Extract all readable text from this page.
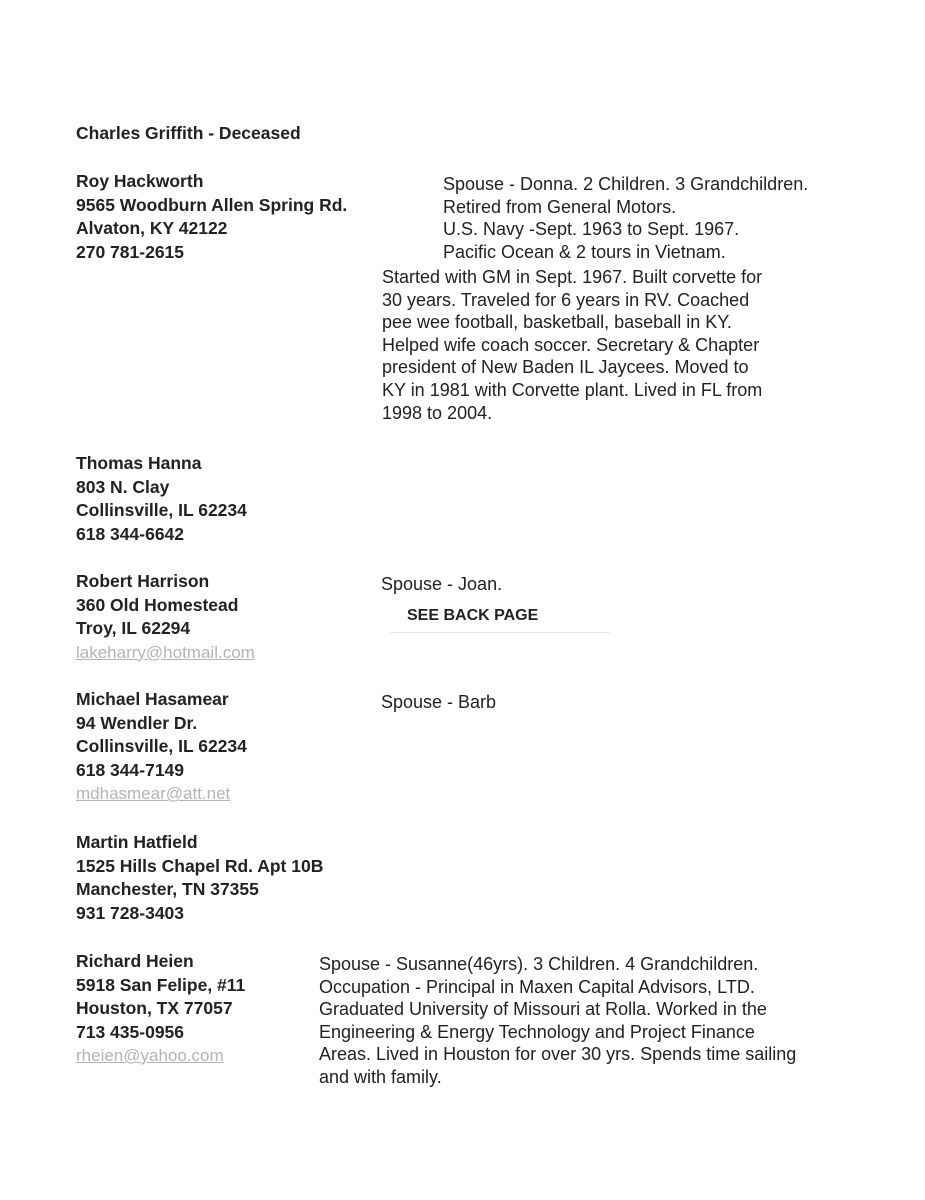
Charles Griffith - Deceased
Roy Hackworth
9565 Woodburn Allen Spring Rd.
Alvaton, KY 42122
270 781-2615
Spouse - Donna. 2 Children. 3 Grandchildren.
Retired from General Motors.
U.S. Navy -Sept. 1963 to Sept. 1967.
Pacific Ocean & 2 tours in Vietnam.
Started with GM in Sept. 1967. Built corvette for
30 years. Traveled for 6 years in RV. Coached
pee wee football, basketball, baseball in KY.
Helped wife coach soccer. Secretary & Chapter
president of New Baden IL Jaycees. Moved to
KY in 1981 with Corvette plant. Lived in FL from
1998 to 2004.
Thomas Hanna
803 N. Clay
Collinsville, IL 62234
618 344-6642
Robert Harrison
360 Old Homestead
Troy, IL 62294
lakeharry@hotmail.com
Spouse - Joan.
SEE BACK PAGE
Michael Hasamear
94 Wendler Dr.
Collinsville, IL 62234
618 344-7149
mdhasmear@att.net
Spouse - Barb
Martin Hatfield
1525 Hills Chapel Rd. Apt 10B
Manchester, TN 37355
931 728-3403
Richard Heien
5918 San Felipe, #11
Houston, TX 77057
713 435-0956
rheien@yahoo.com
Spouse - Susanne(46yrs). 3 Children. 4 Grandchildren.
Occupation - Principal in Maxen Capital Advisors, LTD.
Graduated University of Missouri at Rolla. Worked in the
Engineering & Energy Technology and Project Finance
Areas. Lived in Houston for over 30 yrs. Spends time sailing
and with family.
